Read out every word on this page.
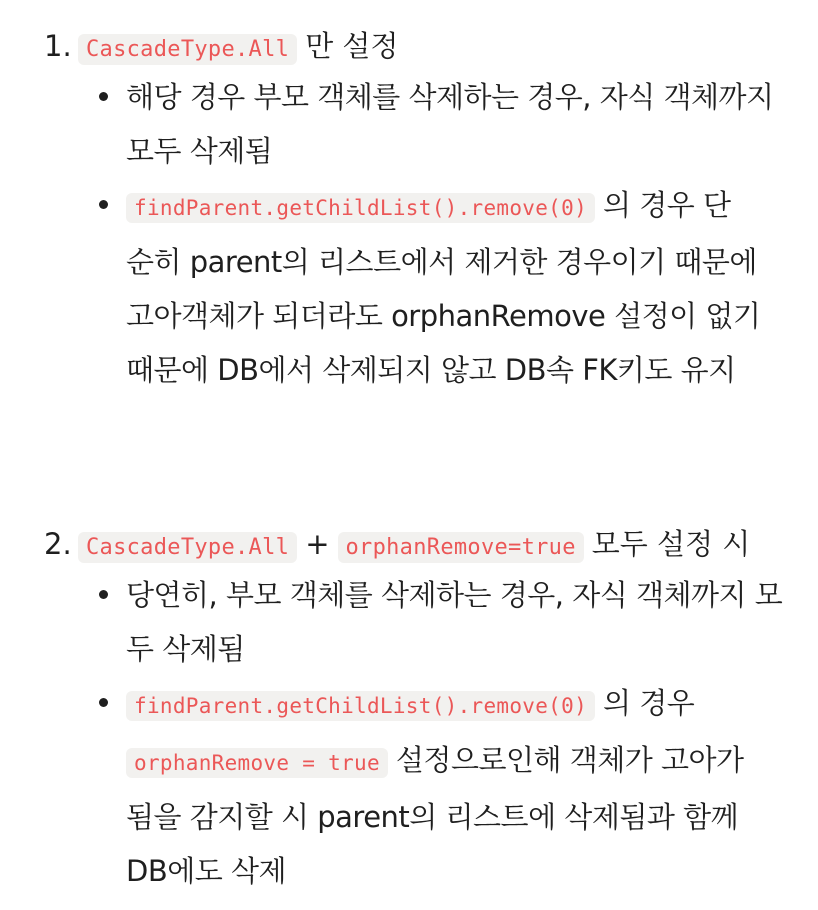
1. CascadeType.All 만 설정
해당 경우 부모 객체를 삭제하는 경우, 자식 객체까지
모두 삭제됨
findParent.getChildList().remove(0) 의 경우 단
순히 parent의 리스트에서 제거한 경우이기 때문에
고아객체가 되더라도 orphanRemove 설정이 없기
때문에 DB에서 삭제되지 않고 DB속 FK키도 유지
2. CascadeType.All + orphanRemove=true 모두 설정 시
당연히, 부모 객체를 삭제하는 경우, 자식 객체까지 모
두 삭제됨
findParent.getChildList().remove(0) 의 경우
orphanRemove = true 설정으로인해 객체가 고아가
됨을 감지할 시 parent의 리스트에 삭제됨과 함께
DB에도 삭제
